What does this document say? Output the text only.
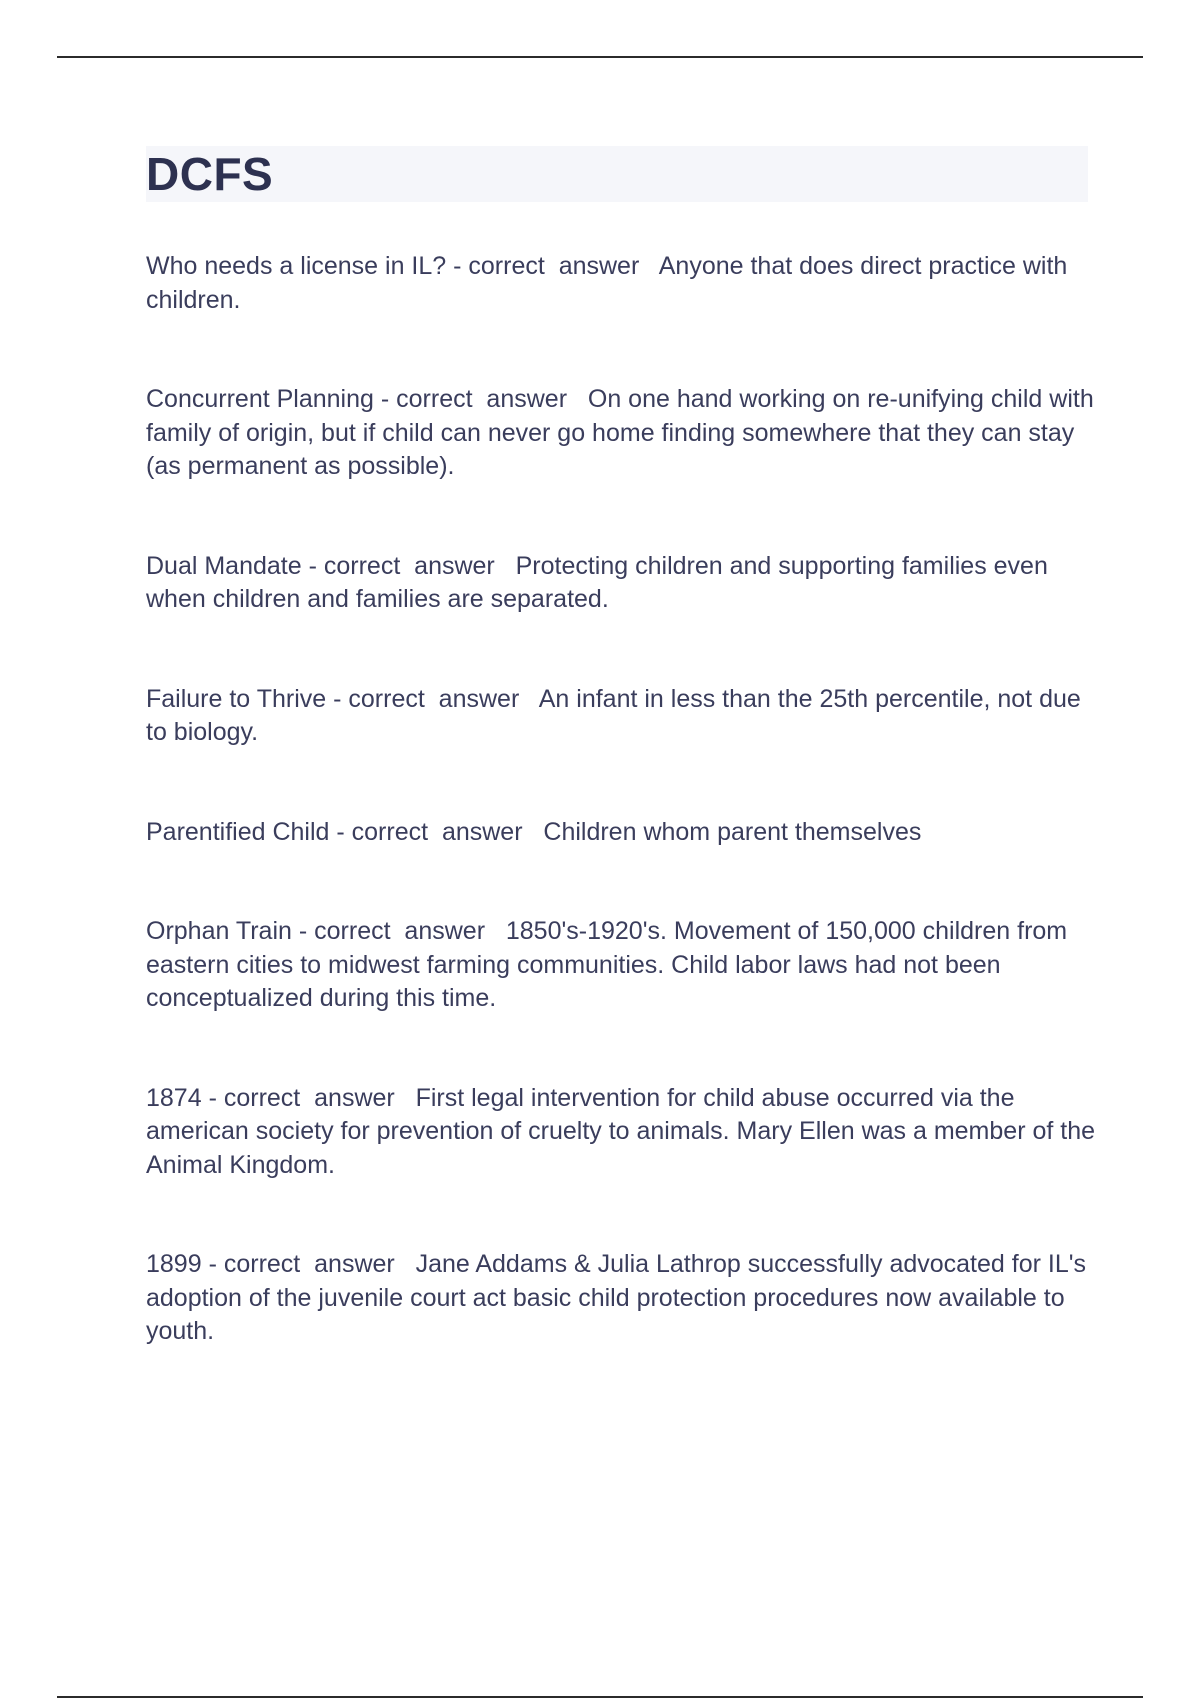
DCFS
Who needs a license in IL? - correct  answer   Anyone that does direct practice with children.
Concurrent Planning - correct  answer   On one hand working on re-unifying child with family of origin, but if child can never go home finding somewhere that they can stay (as permanent as possible).
Dual Mandate - correct  answer   Protecting children and supporting families even when children and families are separated.
Failure to Thrive - correct  answer   An infant in less than the 25th percentile, not due to biology.
Parentified Child - correct  answer   Children whom parent themselves
Orphan Train - correct  answer   1850's-1920's. Movement of 150,000 children from eastern cities to midwest farming communities. Child labor laws had not been conceptualized during this time.
1874 - correct  answer   First legal intervention for child abuse occurred via the american society for prevention of cruelty to animals. Mary Ellen was a member of the Animal Kingdom.
1899 - correct  answer   Jane Addams & Julia Lathrop successfully advocated for IL's adoption of the juvenile court act basic child protection procedures now available to youth.
